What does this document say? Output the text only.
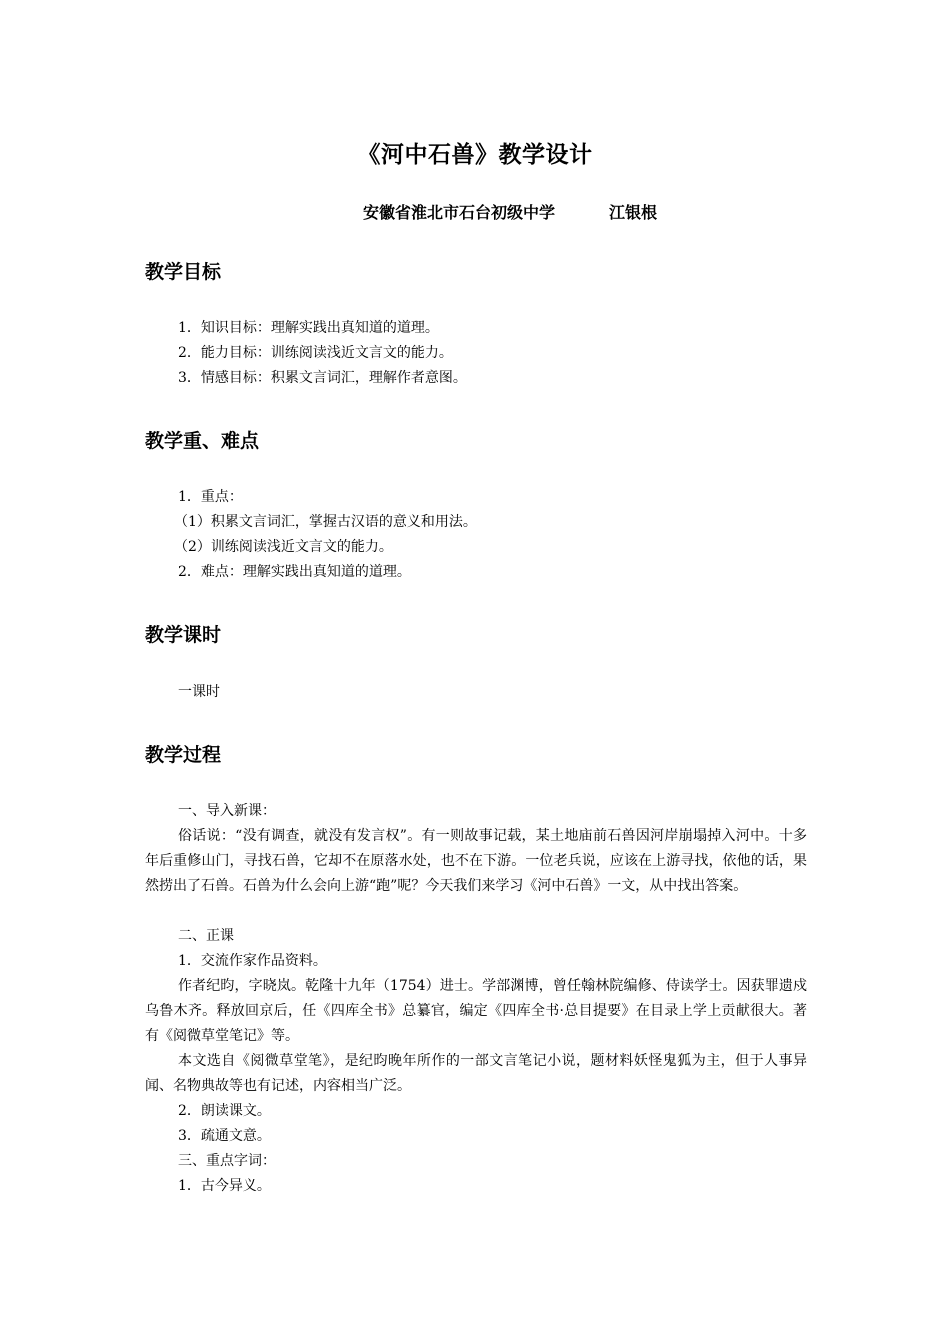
《河中石兽》教学设计
安徽省淮北市石台初级中学	江银根
教学目标
1．知识目标：理解实践出真知道的道理。
2．能力目标：训练阅读浅近文言文的能力。
3．情感目标：积累文言词汇，理解作者意图。
教学重、难点
1．重点：
（1）积累文言词汇，掌握古汉语的意义和用法。
（2）训练阅读浅近文言文的能力。
2．难点：理解实践出真知道的道理。
教学课时
一课时
教学过程
一、导入新课：
俗话说：“没有调查，就没有发言权”。有一则故事记载，某土地庙前石兽因河岸崩塌掉入河中。十多年后重修山门，寻找石兽，它却不在原落水处，也不在下游。一位老兵说，应该在上游寻找，依他的话，果然捞出了石兽。石兽为什么会向上游“跑”呢？今天我们来学习《河中石兽》一文，从中找出答案。
二、正课
1．交流作家作品资料。
作者纪昀，字晓岚。乾隆十九年（1754）进士。学部渊博，曾任翰林院编修、侍读学士。因获罪遗戍乌鲁木齐。释放回京后，任《四库全书》总纂官，编定《四库全书·总目提要》在目录上学上贡献很大。著有《阅微草堂笔记》等。
本文选自《阅微草堂笔》，是纪昀晚年所作的一部文言笔记小说，题材料妖怪鬼狐为主，但于人事异闻、名物典故等也有记述，内容相当广泛。
2．朗读课文。
3．疏通文意。
三、重点字词：
1．古今异义。
